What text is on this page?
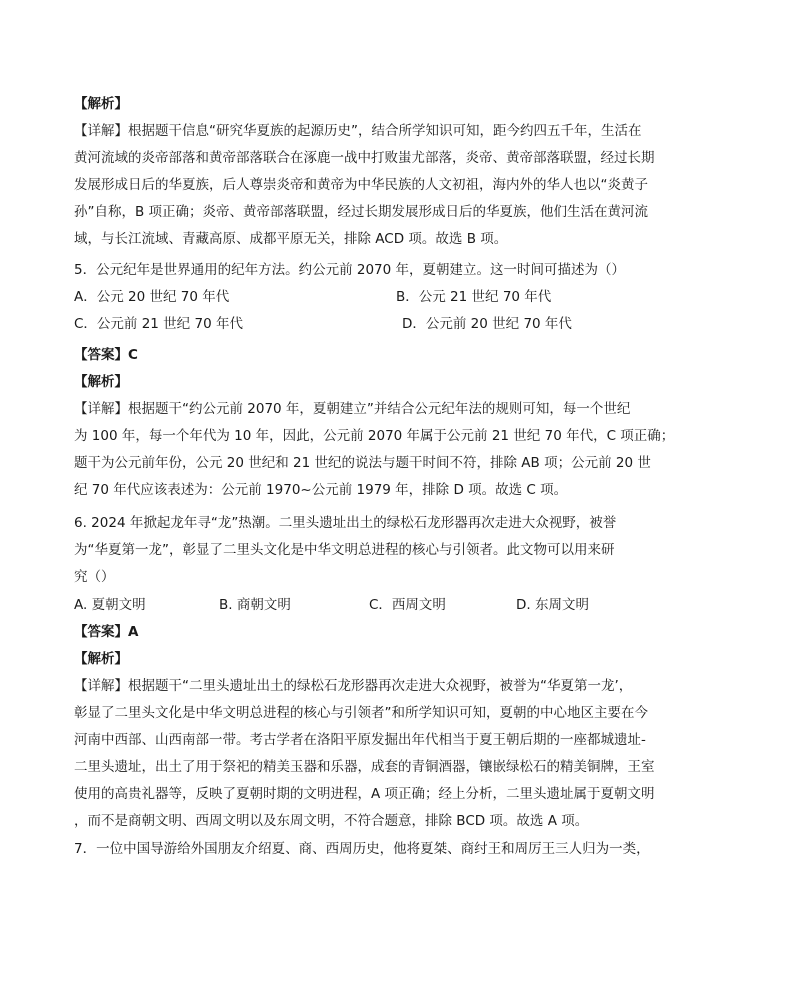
【解析】
【详解】根据题干信息“研究华夏族的起源历史”，结合所学知识可知，距今约四五千年，生活在
黄河流域的炎帝部落和黄帝部落联合在涿鹿一战中打败蚩尤部落，炎帝、黄帝部落联盟，经过长期
发展形成日后的华夏族，后人尊崇炎帝和黄帝为中华民族的人文初祖，海内外的华人也以“炎黄子
孙”自称，B 项正确；炎帝、黄帝部落联盟，经过长期发展形成日后的华夏族，他们生活在黄河流
域，与长江流域、青藏高原、成都平原无关，排除 ACD 项。故选 B 项。
5．公元纪年是世界通用的纪年方法。约公元前 2070 年，夏朝建立。这一时间可描述为（）
A．公元 20 世纪 70 年代	B．公元 21 世纪 70 年代
C．公元前 21 世纪 70 年代	D．公元前 20 世纪 70 年代
【答案】C
【解析】
【详解】根据题干“约公元前 2070 年，夏朝建立”并结合公元纪年法的规则可知，每一个世纪
为 100 年，每一个年代为 10 年，因此，公元前 2070 年属于公元前 21 世纪 70 年代，C 项正确；
题干为公元前年份，公元 20 世纪和 21 世纪的说法与题干时间不符，排除 AB 项；公元前 20 世
纪 70 年代应该表述为：公元前 1970~公元前 1979 年，排除 D 项。故选 C 项。
6. 2024 年掀起龙年寻“龙”热潮。二里头遗址出土的绿松石龙形器再次走进大众视野，被誉
为“华夏第一龙”，彰显了二里头文化是中华文明总进程的核心与引领者。此文物可以用来研
究（）
A. 夏朝文明	B. 商朝文明	C．西周文明	D. 东周文明
【答案】A
【解析】
【详解】根据题干“二里头遗址出土的绿松石龙形器再次走进大众视野，被誉为“华夏第一龙’，
彰显了二里头文化是中华文明总进程的核心与引领者”和所学知识可知，夏朝的中心地区主要在今
河南中西部、山西南部一带。考古学者在洛阳平原发掘出年代相当于夏王朝后期的一座都城遗址-
二里头遗址，出土了用于祭祀的精美玉器和乐器，成套的青铜酒器，镶嵌绿松石的精美铜牌，王室
使用的高贵礼器等，反映了夏朝时期的文明进程，A 项正确；经上分析，二里头遗址属于夏朝文明
，而不是商朝文明、西周文明以及东周文明，不符合题意，排除 BCD 项。故选 A 项。
7．一位中国导游给外国朋友介绍夏、商、西周历史，他将夏桀、商纣王和周厉王三人归为一类，
